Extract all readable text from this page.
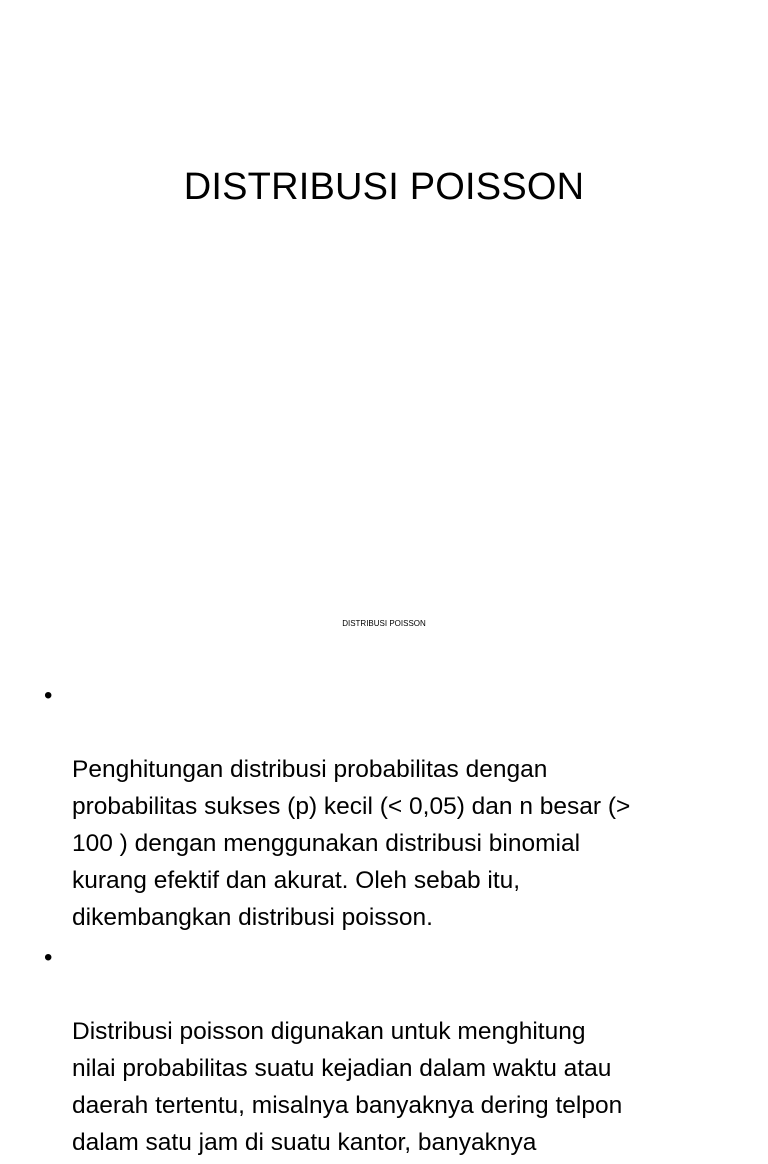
DISTRIBUSI POISSON
DISTRIBUSI POISSON

•

Penghitungan distribusi probabilitas dengan
probabilitas sukses (p) kecil (< 0,05) dan n besar (>
100 ) dengan menggunakan distribusi binomial
kurang efektif dan akurat. Oleh sebab itu,
dikembangkan distribusi poisson.

•

Distribusi poisson digunakan untuk menghitung
nilai probabilitas suatu kejadian dalam waktu atau
daerah tertentu, misalnya banyaknya dering telpon
dalam satu jam di suatu kantor, banyaknya
